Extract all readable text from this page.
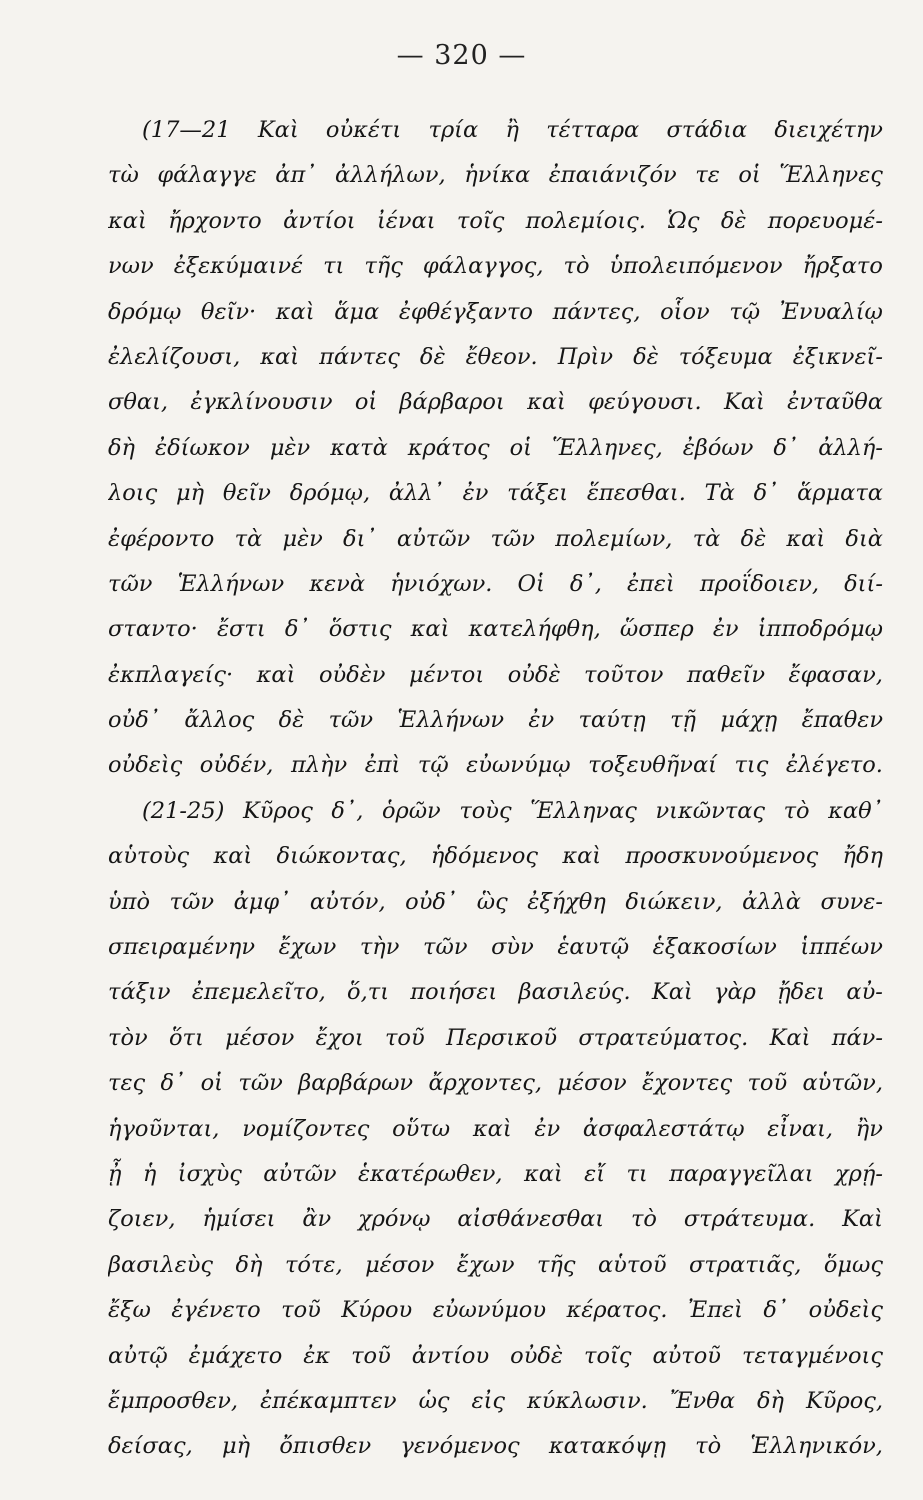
— 320 —
(17—21 Καὶ οὐκέτι τρία ἢ τέτταρα στάδια διειχέτην
τὼ φάλαγγε ἀπ᾽ ἀλλήλων, ἡνίκα ἐπαιάνιζόν τε οἱ Ἕλληνες
καὶ ἤρχοντο ἀντίοι ἰέναι τοῖς πολεμίοις. Ὡς δὲ πορευομέ-
νων ἐξεκύμαινέ τι τῆς φάλαγγος, τὸ ὑπολειπόμενον ἤρξατο
δρόμῳ θεῖν· καὶ ἅμα ἐφθέγξαντο πάντες, οἷον τῷ Ἐνυαλίῳ
ἐλελίζουσι, καὶ πάντες δὲ ἔθεον. Πρὶν δὲ τόξευμα ἐξικνεῖ-
σθαι, ἐγκλίνουσιν οἱ βάρβαροι καὶ φεύγουσι. Καὶ ἐνταῦθα
δὴ ἐδίωκον μὲν κατὰ κράτος οἱ Ἕλληνες, ἐβόων δ᾽ ἀλλή-
λοις μὴ θεῖν δρόμῳ, ἀλλ᾽ ἐν τάξει ἕπεσθαι. Τὰ δ᾽ ἅρματα
ἐφέροντο τὰ μὲν δι᾽ αὐτῶν τῶν πολεμίων, τὰ δὲ καὶ διὰ
τῶν Ἑλλήνων κενὰ ἡνιόχων. Οἱ δ᾽, ἐπεὶ προΐδοιεν, διί-
σταντο· ἔστι δ᾽ ὅστις καὶ κατελήφθη, ὥσπερ ἐν ἱπποδρόμῳ
ἐκπλαγείς· καὶ οὐδὲν μέντοι οὐδὲ τοῦτον παθεῖν ἔφασαν,
οὐδ᾽ ἄλλος δὲ τῶν Ἑλλήνων ἐν ταύτῃ τῇ μάχῃ ἔπαθεν
οὐδεὶς οὐδέν, πλὴν ἐπὶ τῷ εὐωνύμῳ τοξευθῆναί τις ἐλέγετο.
(21-25) Κῦρος δ᾽, ὁρῶν τοὺς Ἕλληνας νικῶντας τὸ καθ᾽
αὑτοὺς καὶ διώκοντας, ἡδόμενος καὶ προσκυνούμενος ἤδη
ὑπὸ τῶν ἀμφ᾽ αὐτόν, οὐδ᾽ ὣς ἐξήχθη διώκειν, ἀλλὰ συνε-
σπειραμένην ἔχων τὴν τῶν σὺν ἑαυτῷ ἑξακοσίων ἱππέων
τάξιν ἐπεμελεῖτο, ὅ,τι ποιήσει βασιλεύς. Καὶ γὰρ ᾔδει αὐ-
τὸν ὅτι μέσον ἔχοι τοῦ Περσικοῦ στρατεύματος. Καὶ πάν-
τες δ᾽ οἱ τῶν βαρβάρων ἄρχοντες, μέσον ἔχοντες τοῦ αὑτῶν,
ἡγοῦνται, νομίζοντες οὕτω καὶ ἐν ἀσφαλεστάτῳ εἶναι, ἢν
ᾖ ἡ ἰσχὺς αὐτῶν ἑκατέρωθεν, καὶ εἴ τι παραγγεῖλαι χρῄ-
ζοιεν, ἡμίσει ἂν χρόνῳ αἰσθάνεσθαι τὸ στράτευμα. Καὶ
βασιλεὺς δὴ τότε, μέσον ἔχων τῆς αὑτοῦ στρατιᾶς, ὅμως
ἔξω ἐγένετο τοῦ Κύρου εὐωνύμου κέρατος. Ἐπεὶ δ᾽ οὐδεὶς
αὐτῷ ἐμάχετο ἐκ τοῦ ἀντίου οὐδὲ τοῖς αὐτοῦ τεταγμένοις
ἔμπροσθεν, ἐπέκαμπτεν ὡς εἰς κύκλωσιν. Ἔνθα δὴ Κῦρος,
δείσας, μὴ ὄπισθεν γενόμενος κατακόψῃ τὸ Ἑλληνικόν,
